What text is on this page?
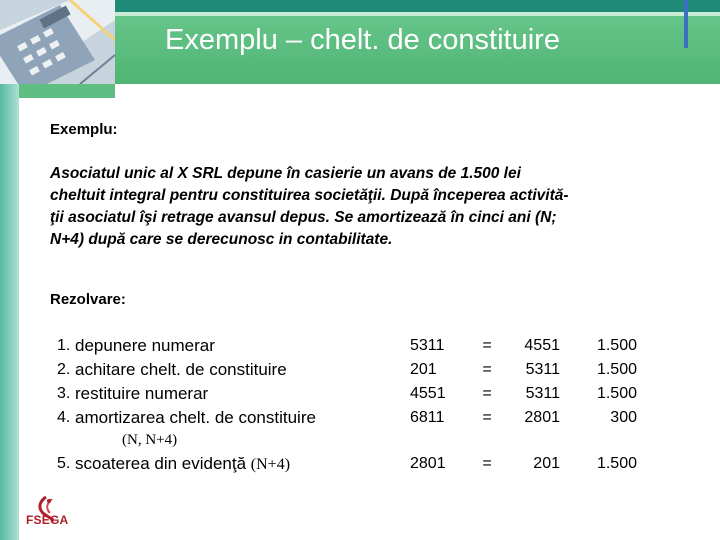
Exemplu – chelt. de constituire
Exemplu:
Asociatul unic al X SRL depune în casierie un avans de 1.500 lei
cheltuit integral pentru constituirea societăţii. După începerea activită-
ţii asociatul îşi retrage avansul depus. Se amortizează în cinci ani (N;
N+4) după care se derecunosc in contabilitate.
Rezolvare:
1. depunere numerar	5311 =	4551	1.500
2. achitare chelt. de constituire	201	=	5311	1.500
3. restituire numerar	4551 =	5311	1.500
4. amortizarea chelt. de constituire	6811 =	2801	300
(N, N+4)
5. scoaterea din evidenţă (N+4)	2801 =	201	1.500
FSEGA
